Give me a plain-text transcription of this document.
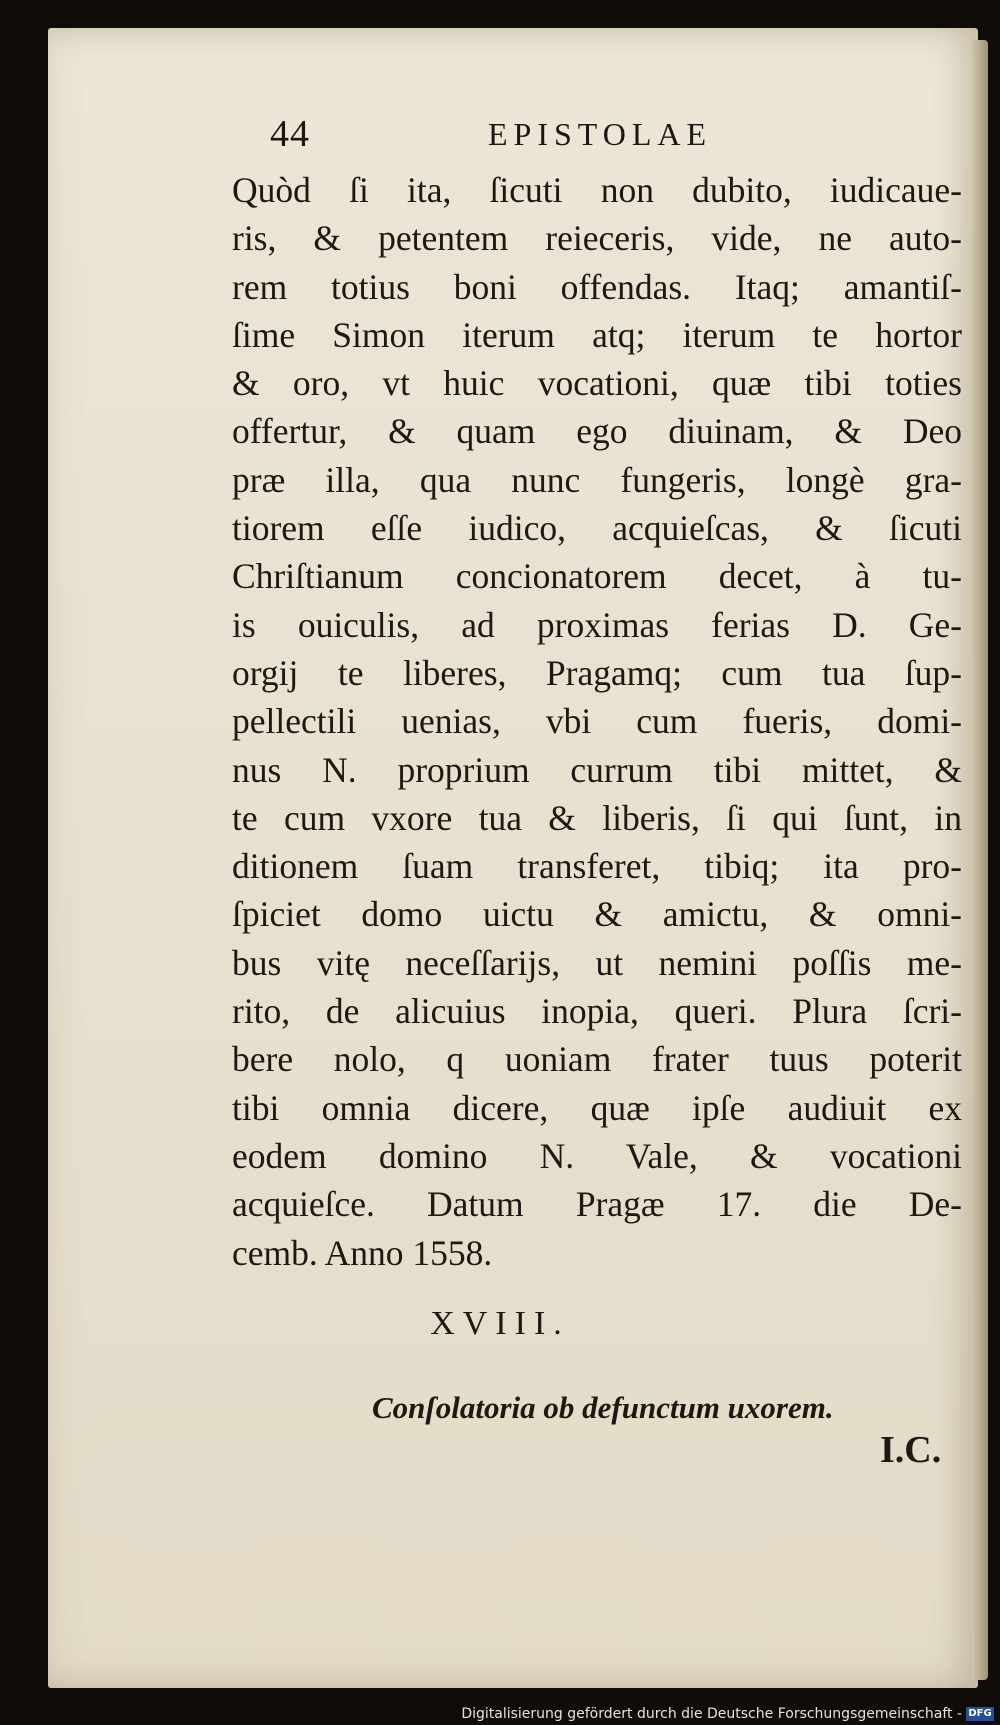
44	EPISTOLAE
Quòd ſi ita, ſicuti non dubito, iudicaue-
ris, & petentem reieceris, vide, ne auto-
rem totius boni offendas. Itaq; amantiſ-
ſime Simon iterum atq; iterum te hortor
& oro, vt huic vocationi, quæ tibi toties
offertur, & quam ego diuinam, & Deo
præ illa, qua nunc fungeris, longè gra-
tiorem eſſe iudico, acquieſcas, & ſicuti
Chriſtianum concionatorem decet, à tu-
is ouiculis, ad proximas ferias D. Ge-
orgij te liberes, Pragamq; cum tua ſup-
pellectili uenias, vbi cum fueris, domi-
nus N. proprium currum tibi mittet, &
te cum vxore tua & liberis, ſi qui ſunt, in
ditionem ſuam transferet, tibiq; ita pro-
ſpiciet domo uictu & amictu, & omni-
bus vitę neceſſarijs, ut nemini poſſis me-
rito, de alicuius inopia, queri. Plura ſcri-
bere nolo, q uoniam frater tuus poterit
tibi omnia dicere, quæ ipſe audiuit ex
eodem domino N. Vale, & vocationi
acquieſce. Datum Pragæ 17. die De-
cemb. Anno 1558.
XVIII.
Conſolatoria ob defunctum uxorem.
I.C.
Digitalisierung gefördert durch die Deutsche Forschungsgemeinschaft - DFG
